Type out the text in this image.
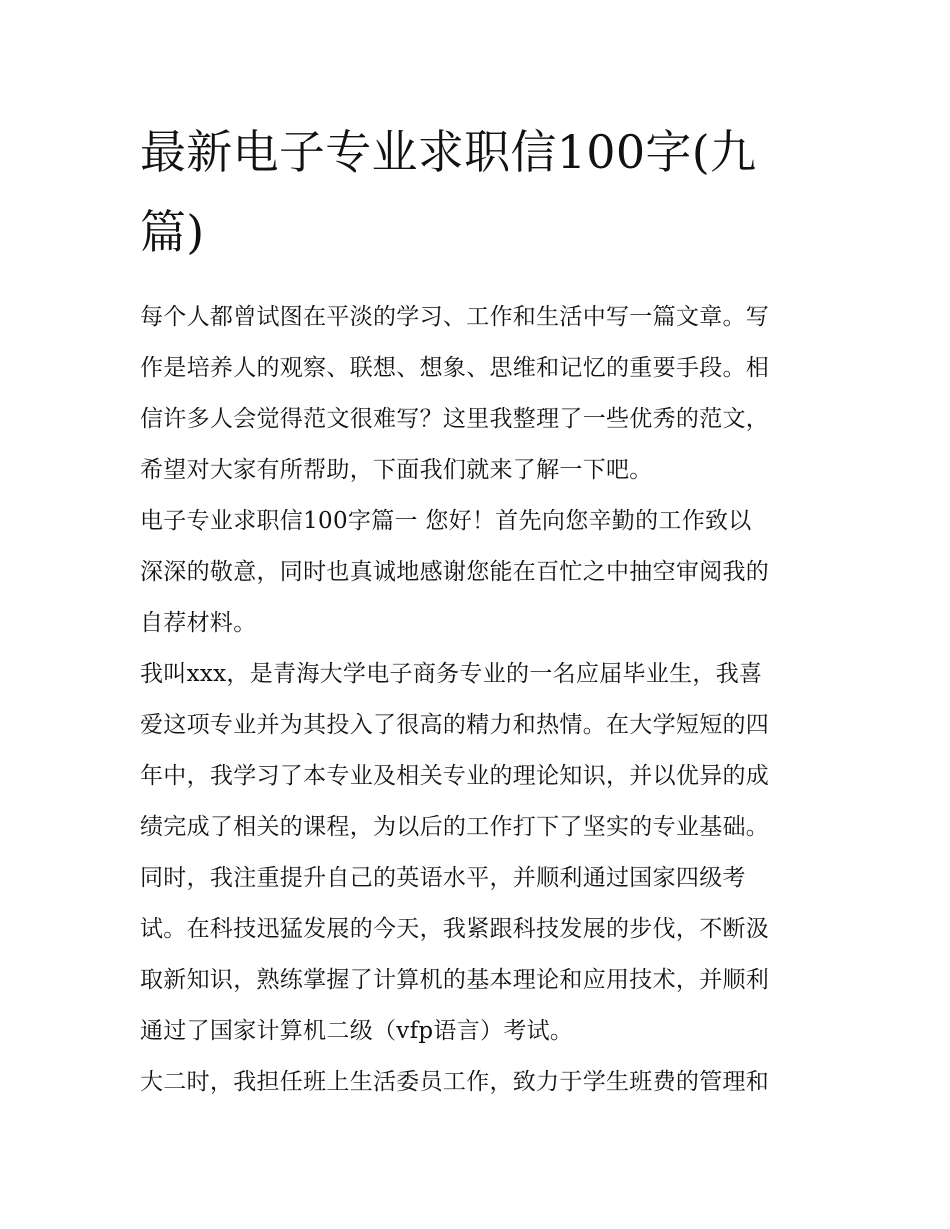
最新电子专业求职信100字(九
篇)
每个人都曾试图在平淡的学习、工作和生活中写一篇文章。写
作是培养人的观察、联想、想象、思维和记忆的重要手段。相
信许多人会觉得范文很难写？这里我整理了一些优秀的范文，
希望对大家有所帮助，下面我们就来了解一下吧。
电子专业求职信100字篇一 您好！首先向您辛勤的工作致以
深深的敬意，同时也真诚地感谢您能在百忙之中抽空审阅我的
自荐材料。
我叫xxx，是青海大学电子商务专业的一名应届毕业生，我喜
爱这项专业并为其投入了很高的精力和热情。在大学短短的四
年中，我学习了本专业及相关专业的理论知识，并以优异的成
绩完成了相关的课程，为以后的工作打下了坚实的专业基础。
同时，我注重提升自己的英语水平，并顺利通过国家四级考
试。在科技迅猛发展的今天，我紧跟科技发展的步伐，不断汲
取新知识，熟练掌握了计算机的基本理论和应用技术，并顺利
通过了国家计算机二级（vfp语言）考试。
大二时，我担任班上生活委员工作，致力于学生班费的管理和
